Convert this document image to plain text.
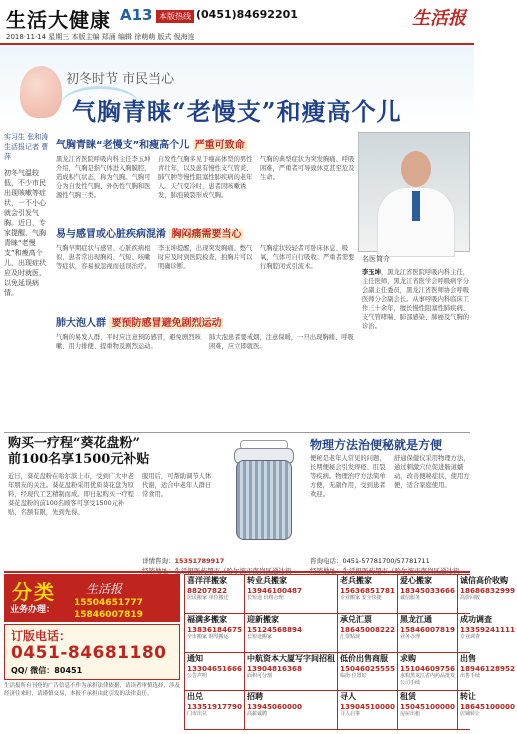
生活大健康 A13 本版热线 (0451)84692201	生活报
2018·11·14 星期三 本版主编 郑涌 编辑 徐萌萌 版式 倪海连
初冬时节 市民当心
气胸青睐“老慢支”和瘦高个儿
实习生 张和涛 生活报记者 曹萍
初冬气温较低，不少市民出现咳嗽等症状，一不小心就会引发气胸。近日，专家提醒，气胸青睐“老慢支”和瘦高个儿，出现症状应及时就医，以免延误病情。
气胸青睐“老慢支”和瘦高个儿 严重可致命
黑龙江省医院呼吸内科主任李玉坤介绍，气胸是指气体进入胸膜腔，造成积气状态，称为气胸。气胸可分为自发性气胸、外伤性气胸和医源性气胸三类。
自发性气胸多见于瘦高体型的男性青壮年，以及患有慢性支气管炎、肺气肿等慢性阻塞性肺疾病的老年人。天气变冷时，患者因咳嗽诱发，肺泡破裂形成气胸。
气胸的典型症状为突发胸痛、呼吸困难，严重者可导致休克甚至危及生命。
易与感冒或心脏疾病混淆 胸闷痛需要当心
气胸早期症状与感冒、心脏疾病相似，患者常出现胸闷、气短、咳嗽等症状，容易被忽视而延误治疗。
李玉坤提醒，出现突发胸痛、憋气时应及时到医院检查，拍胸片可以明确诊断。
气胸症状较轻者可卧床休息、吸氧，气体可自行吸收；严重者需要行胸腔闭式引流术。
肺大泡人群 要预防感冒避免剧烈运动
气胸的易发人群，平时应注意预防感冒，避免剧烈咳嗽、用力排便、提重物及剧烈运动。
肺大泡患者要戒烟，注意保暖，一旦出现胸痛、呼吸困难，应立即就医。
名医简介
李玉坤，黑龙江省医院呼吸内科主任，主任医师，黑龙江省医学会呼吸病学分会副主任委员，黑龙江省医师协会呼吸医师分会副会长。从事呼吸内科临床工作三十余年，擅长慢性阻塞性肺疾病、支气管哮喘、肺部感染、肺癌及气胸的诊治。
购买一疗程“葵花盘粉”
前100名享1500元补贴
近日，葵花盘粉在哈尔滨上市，受到广大中老年朋友的关注。葵花盘粉采用优质葵花盘为原料，经现代工艺精制而成。即日起购买一疗程葵花盘粉的前100名顾客可享受1500元补贴，名额有限，先到先得。
服用后，可帮助调节人体代谢，适合中老年人群日常食用。
详情咨询：15351789917
物理方法治便秘就是方便
便秘是老年人常见的问题，长期便秘会引发痔疮、肛裂等疾病。物理治疗方法简单方便，无副作用，受到患者欢迎。
舒通保健仪采用物理方法，通过刺激穴位促进肠道蠕动，改善便秘症状，使用方便，适合家庭使用。
咨询电话：0451-57781700/57781711
分类	生活报
业务办理：
15504651777
15846007819
订版电话：
0451-84681180
QQ/ 微信：80451
生活报所有刊登的广告信息不作为承担法律依据，请读者审慎选择，涉及经济往来时，请谨慎交易，本报不承担由此引发的法律责任。
喜洋洋搬家
88207822
居民搬家 单位搬迁
转业兵搬家
13946100487
长短途 价格合理
老兵搬家
15636851781
专业搬家 安全快捷
爱心搬家
18345033666
诚信服务
诚信高价收购
18686832999
高价回收
福满多搬家
13836184675
全市搬家 钢琴搬运
迎新搬家
15124568894
长短途搬家
承兑汇票
18645008222
汇票贴现
黑龙江通
15846007819
业务办理
成功调查
13359241111
专业调查
通知
13304651666
公告声明
中航资本大厦写字间招租
13904816368
面积可分割
低价出售商服
15046025555
临街 位置好
求购
15104609756
求购黑龙江省内药品批发公司手续
出售
18946128952
出售手续
出兑
13351917790
门市出兑
招聘
13945060000
高薪诚聘
寻人
13904510000
寻人启事
租赁
15045100000
房屋出租
转让
18645100000
店铺转让
